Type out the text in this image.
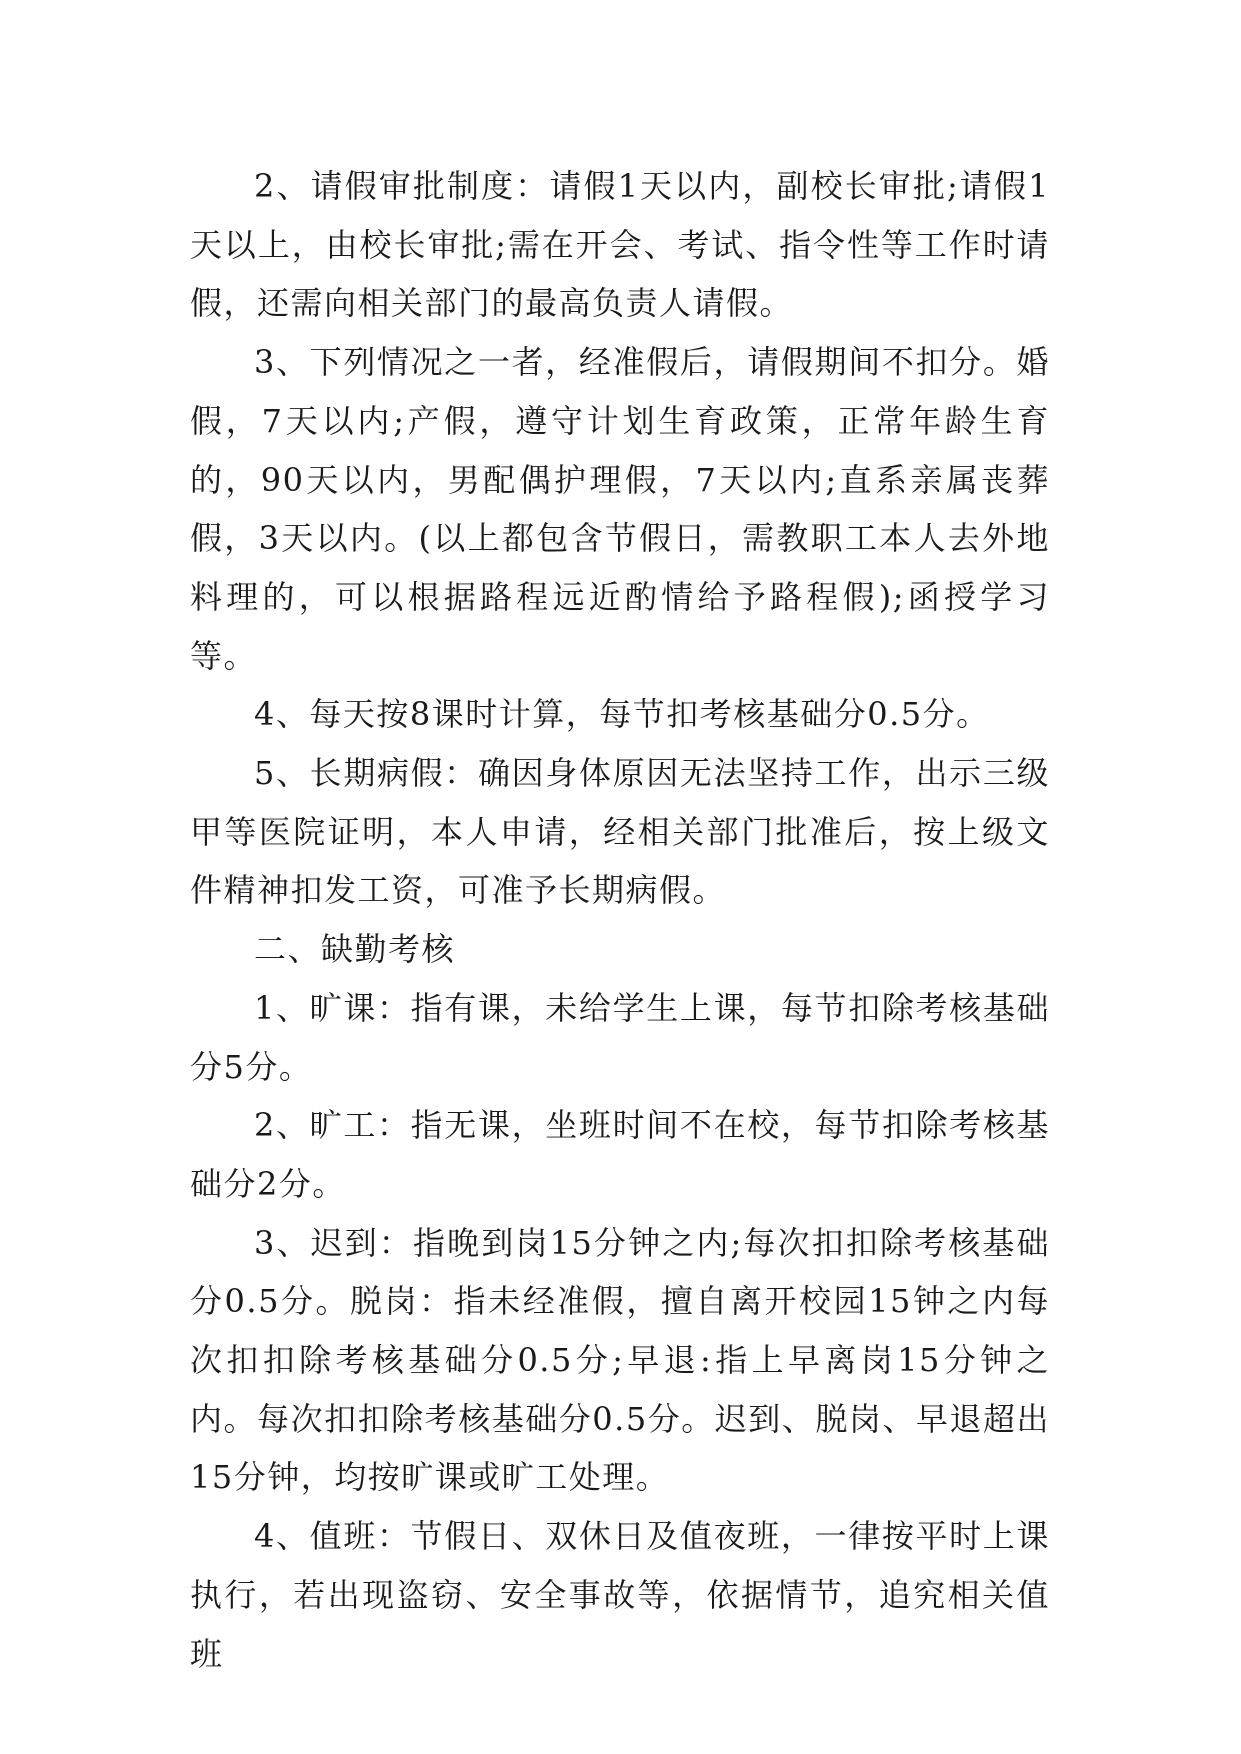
2、请假审批制度：请假1天以内，副校长审批;请假1天以上，由校长审批;需在开会、考试、指令性等工作时请假，还需向相关部门的最高负责人请假。

3、下列情况之一者，经准假后，请假期间不扣分。婚假，7天以内;产假，遵守计划生育政策，正常年龄生育的，90天以内，男配偶护理假，7天以内;直系亲属丧葬假，3天以内。(以上都包含节假日，需教职工本人去外地料理的，可以根据路程远近酌情给予路程假);函授学习等。

4、每天按8课时计算，每节扣考核基础分0.5分。

5、长期病假：确因身体原因无法坚持工作，出示三级甲等医院证明，本人申请，经相关部门批准后，按上级文件精神扣发工资，可准予长期病假。

二、缺勤考核

1、旷课：指有课，未给学生上课，每节扣除考核基础分5分。

2、旷工：指无课，坐班时间不在校，每节扣除考核基础分2分。

3、迟到：指晚到岗15分钟之内;每次扣扣除考核基础分0.5分。脱岗：指未经准假，擅自离开校园15钟之内每次扣扣除考核基础分0.5分;早退:指上早离岗15分钟之内。每次扣扣除考核基础分0.5分。迟到、脱岗、早退超出15分钟，均按旷课或旷工处理。

4、值班：节假日、双休日及值夜班，一律按平时上课执行，若出现盗窃、安全事故等，依据情节，追究相关值班
